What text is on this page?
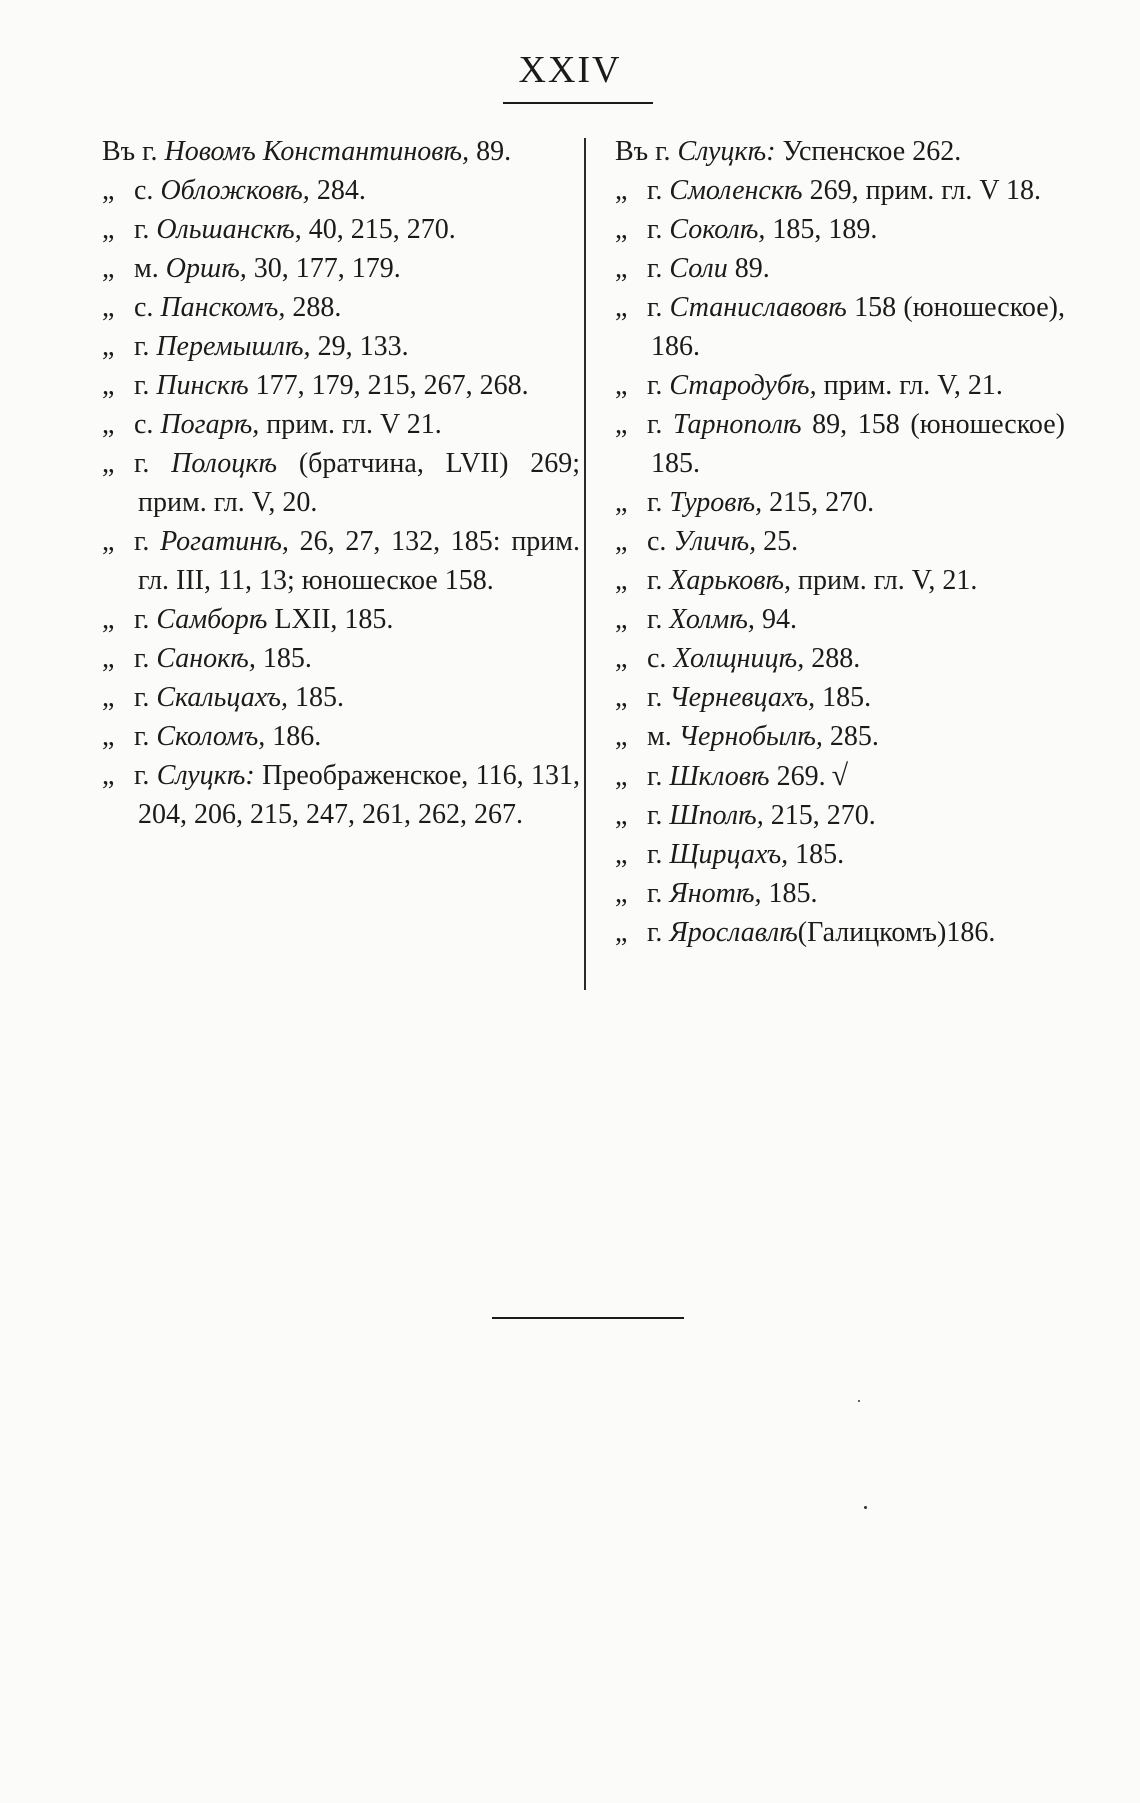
XXIV

Въ г. Новомъ Константиновѣ, 89.

„ с. Обложковѣ, 284.

„ г. Ольшанскѣ, 40, 215, 270.

„ м. Оршѣ, 30, 177, 179.

„ с. Панскомъ, 288.

„ г. Перемышлѣ, 29, 133.

„ г. Пинскѣ 177, 179, 215, 267, 268.

„ с. Погарѣ, прим. гл. V 21.

„ г. Полоцкѣ (братчина, LVII) 269; прим. гл. V, 20.

„ г. Рогатинѣ, 26, 27, 132, 185: прим. гл. III, 11, 13; юношеское 158.

„ г. Самборѣ LXII, 185.

„ г. Санокѣ, 185.

„ г. Скальцахъ, 185.

„ г. Сколомъ, 186.

„ г. Слуцкѣ: Преображенское, 116, 131, 204, 206, 215, 247, 261, 262, 267.

Въ г. Слуцкѣ: Успенское 262.

„ г. Смоленскѣ 269, прим. гл. V 18.

„ г. Соколѣ, 185, 189.

„ г. Соли 89.

„ г. Станиславовѣ 158 (юношеское), 186.

„ г. Стародубѣ, прим. гл. V, 21.

„ г. Тарнополѣ 89, 158 (юношеское) 185.

„ г. Туровѣ, 215, 270.

„ с. Уличѣ, 25.

„ г. Харьковѣ, прим. гл. V, 21.

„ г. Холмѣ, 94.

„ с. Холщницѣ, 288.

„ г. Черневцахъ, 185.

„ м. Чернобылѣ, 285.

„ г. Шкловѣ 269. √

„ г. Шполѣ, 215, 270.

„ г. Щирцахъ, 185.

„ г. Янотѣ, 185.

„ г. Ярославлѣ(Галицкомъ)186.
